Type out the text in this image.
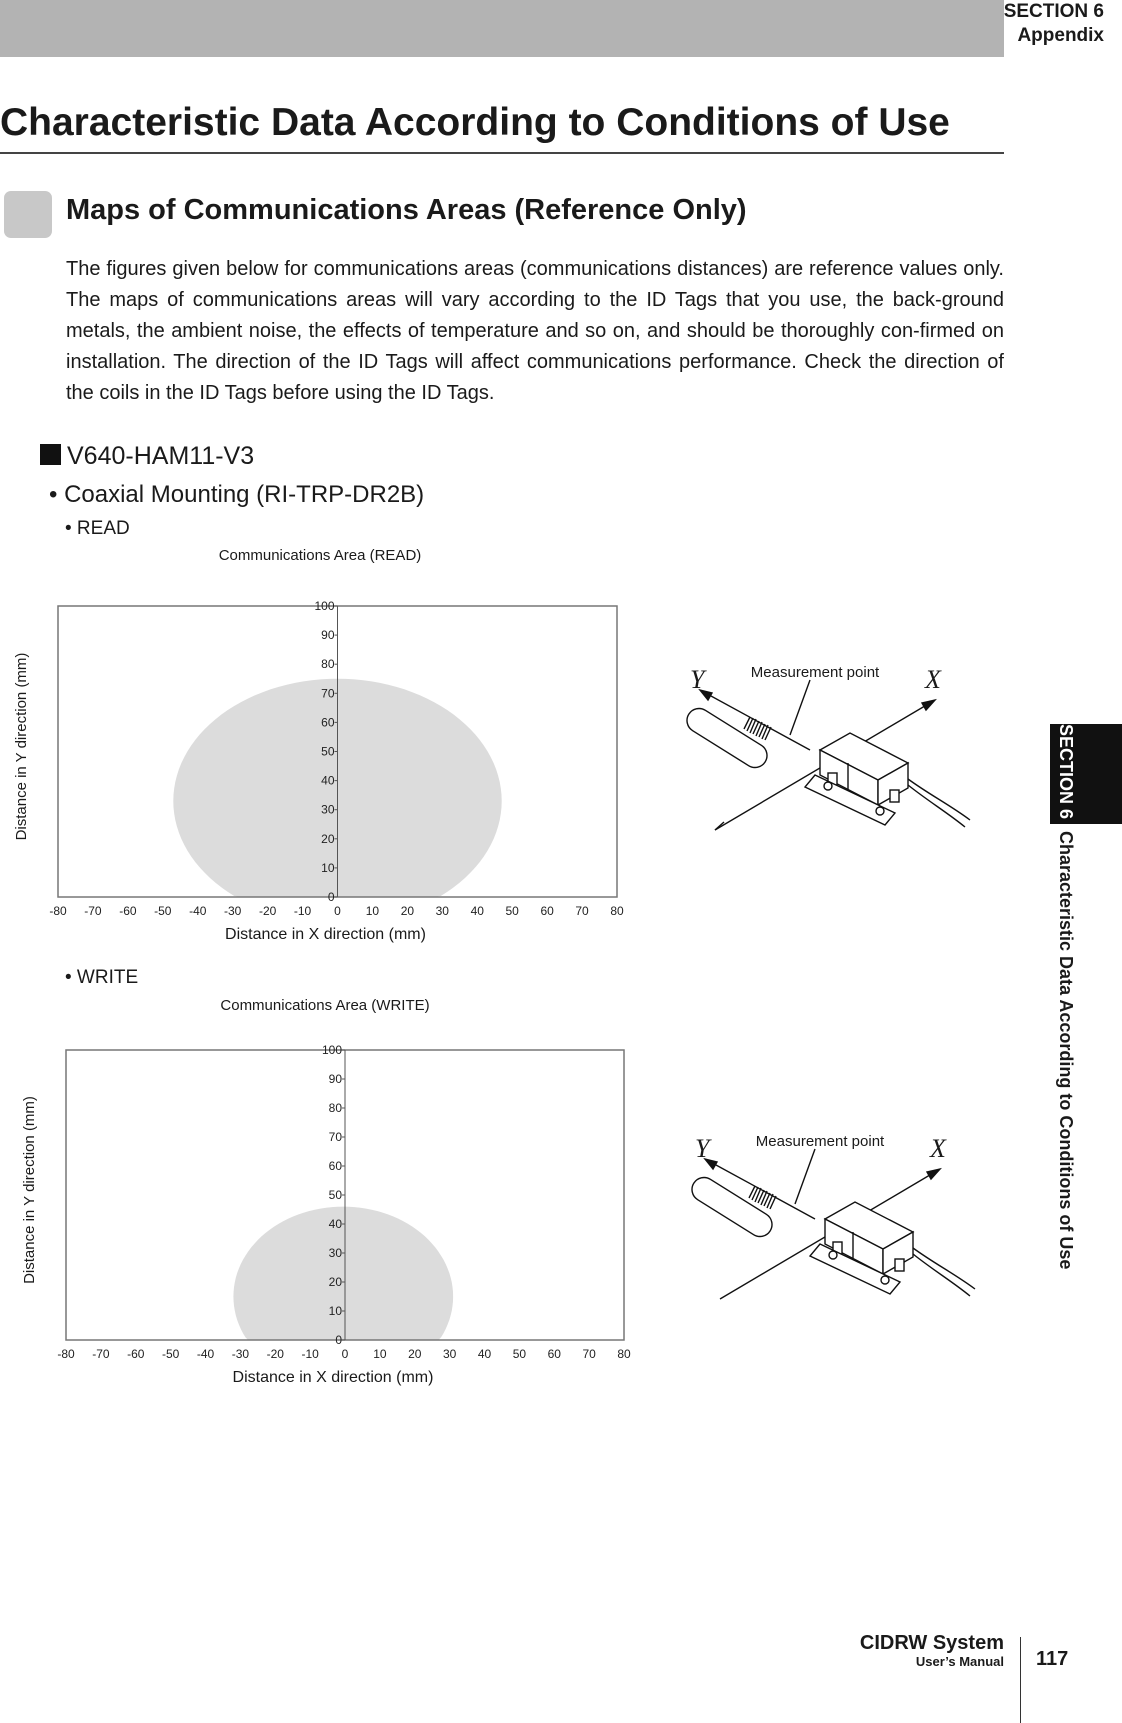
SECTION 6
Appendix
Characteristic Data According to Conditions of Use
Maps of Communications Areas (Reference Only)

The figures given below for communications areas (communications distances) are reference values only. The maps of communications areas will vary according to the ID Tags that you use, the back-ground metals, the ambient noise, the effects of temperature and so on, and should be thoroughly con-firmed on installation. The direction of the ID Tags will affect communications performance. Check the direction of the coils in the ID Tags before using the ID Tags.

V640-HAM11-V3
• Coaxial Mounting (RI-TRP-DR2B)
• READ
Communications Area (READ)
0
10
20
30
40
50
60
70
80
90
100
-80 -70 -60 -50 -40 -30 -20 -10 0 10 20 30 40 50 60 70 80
Distance in X direction (mm)
Distance in Y direction (mm)	Measurement point
Y	X
• WRITE
Communications Area (WRITE)
0
10
20
30
40
50
60
70
80
90
100
-80 -70 -60 -50 -40 -30 -20 -10 0 10 20 30 40 50 60 70 80
Distance in X direction (mm)
Distance in Y direction (mm)	Measurement point
Y	X
SECTION 6Characteristic Data According to Conditions of Use
CIDRW System
User’s Manual 117
